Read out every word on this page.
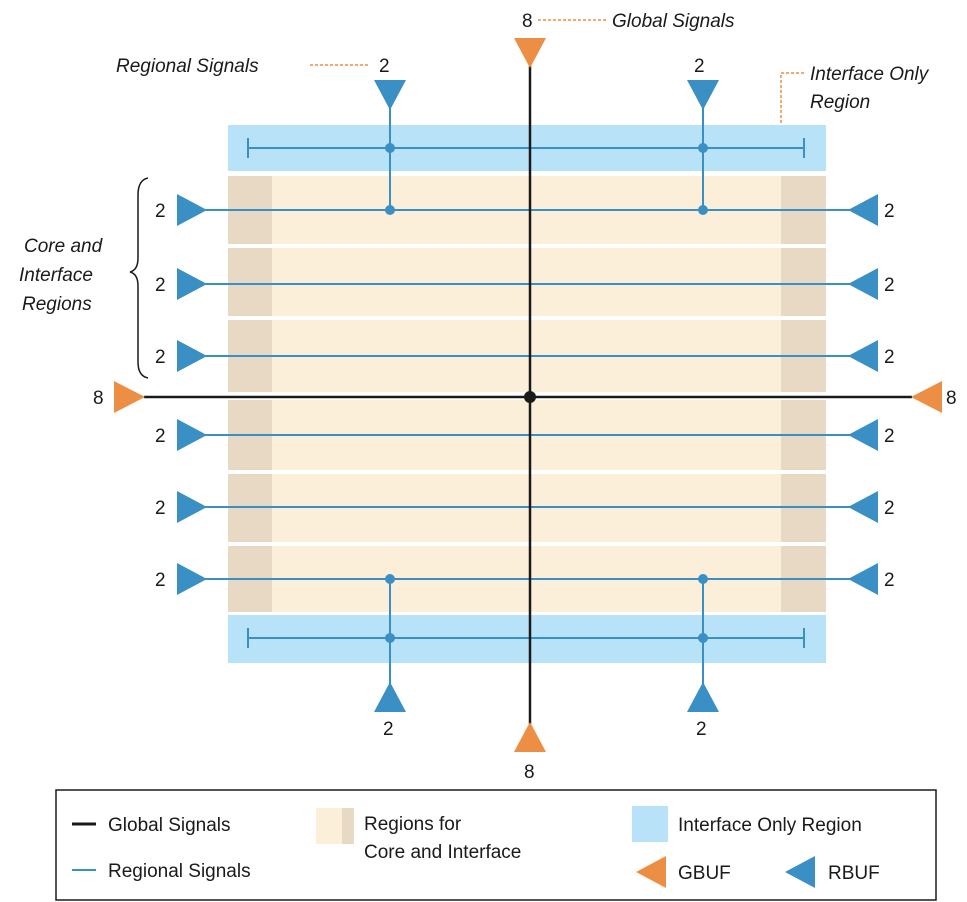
8
8
8	8
2	2
2	2
2
2
2
2
2
2
2
2
2
2
2
2
Global Signals
Regional Signals	Interface Only
Region
Core and
Interface
Regions
Global Signals
Regional Signals
Regions for
Core and Interface
Interface Only Region
GBUF	RBUF
